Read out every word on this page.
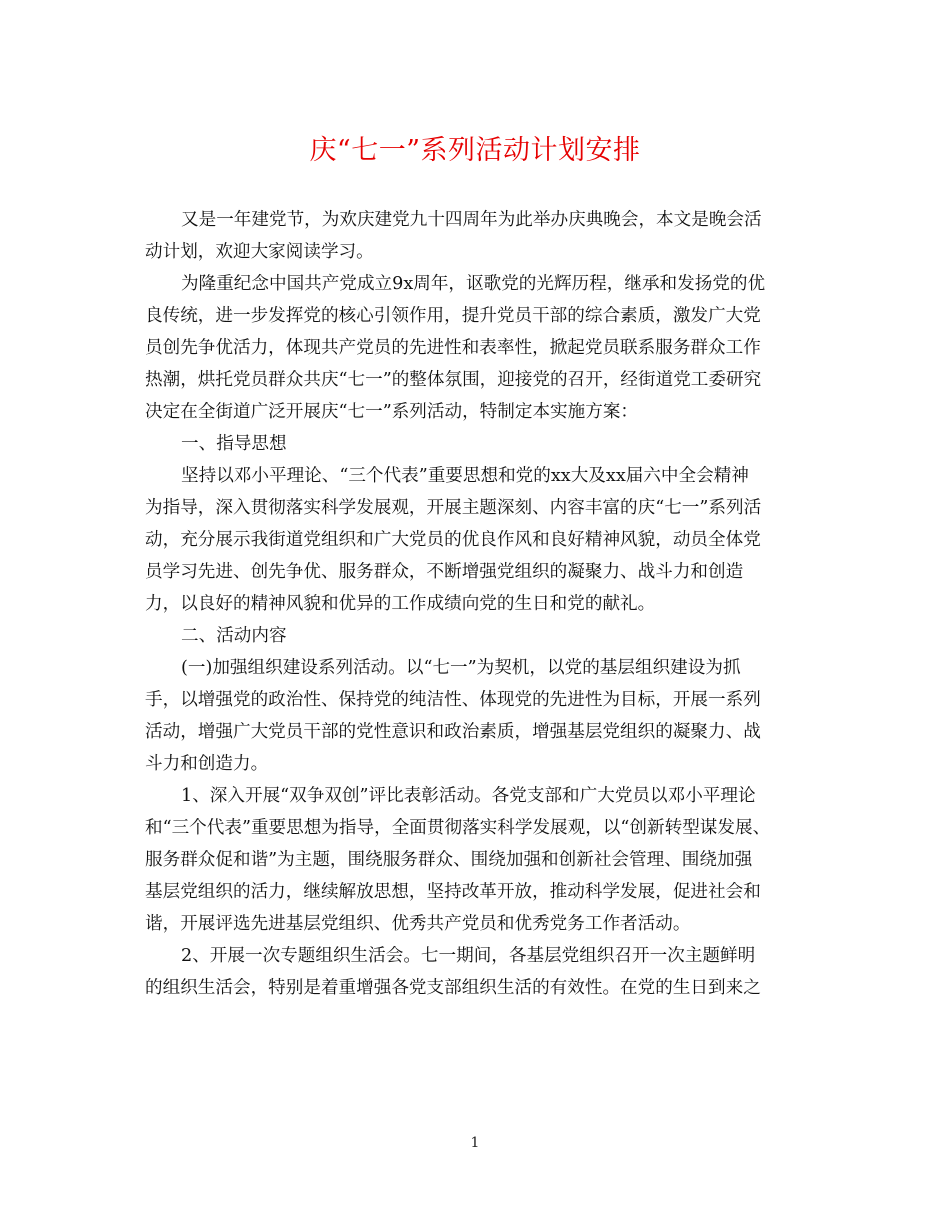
庆“七一”系列活动计划安排
又是一年建党节，为欢庆建党九十四周年为此举办庆典晚会，本文是晚会活
动计划，欢迎大家阅读学习。
为隆重纪念中国共产党成立9x周年，讴歌党的光辉历程，继承和发扬党的优
良传统，进一步发挥党的核心引领作用，提升党员干部的综合素质，激发广大党
员创先争优活力，体现共产党员的先进性和表率性，掀起党员联系服务群众工作
热潮，烘托党员群众共庆“七一”的整体氛围，迎接党的召开，经街道党工委研究
决定在全街道广泛开展庆“七一”系列活动，特制定本实施方案：
一、指导思想
坚持以邓小平理论、“三个代表”重要思想和党的xx大及xx届六中全会精神
为指导，深入贯彻落实科学发展观，开展主题深刻、内容丰富的庆“七一”系列活
动，充分展示我街道党组织和广大党员的优良作风和良好精神风貌，动员全体党
员学习先进、创先争优、服务群众，不断增强党组织的凝聚力、战斗力和创造
力，以良好的精神风貌和优异的工作成绩向党的生日和党的献礼。
二、活动内容
(一)加强组织建设系列活动。以“七一”为契机，以党的基层组织建设为抓
手，以增强党的政治性、保持党的纯洁性、体现党的先进性为目标，开展一系列
活动，增强广大党员干部的党性意识和政治素质，增强基层党组织的凝聚力、战
斗力和创造力。
1、深入开展“双争双创”评比表彰活动。各党支部和广大党员以邓小平理论
和“三个代表”重要思想为指导，全面贯彻落实科学发展观，以“创新转型谋发展、
服务群众促和谐”为主题，围绕服务群众、围绕加强和创新社会管理、围绕加强
基层党组织的活力，继续解放思想，坚持改革开放，推动科学发展，促进社会和
谐，开展评选先进基层党组织、优秀共产党员和优秀党务工作者活动。
2、开展一次专题组织生活会。七一期间，各基层党组织召开一次主题鲜明
的组织生活会，特别是着重增强各党支部组织生活的有效性。在党的生日到来之
1
